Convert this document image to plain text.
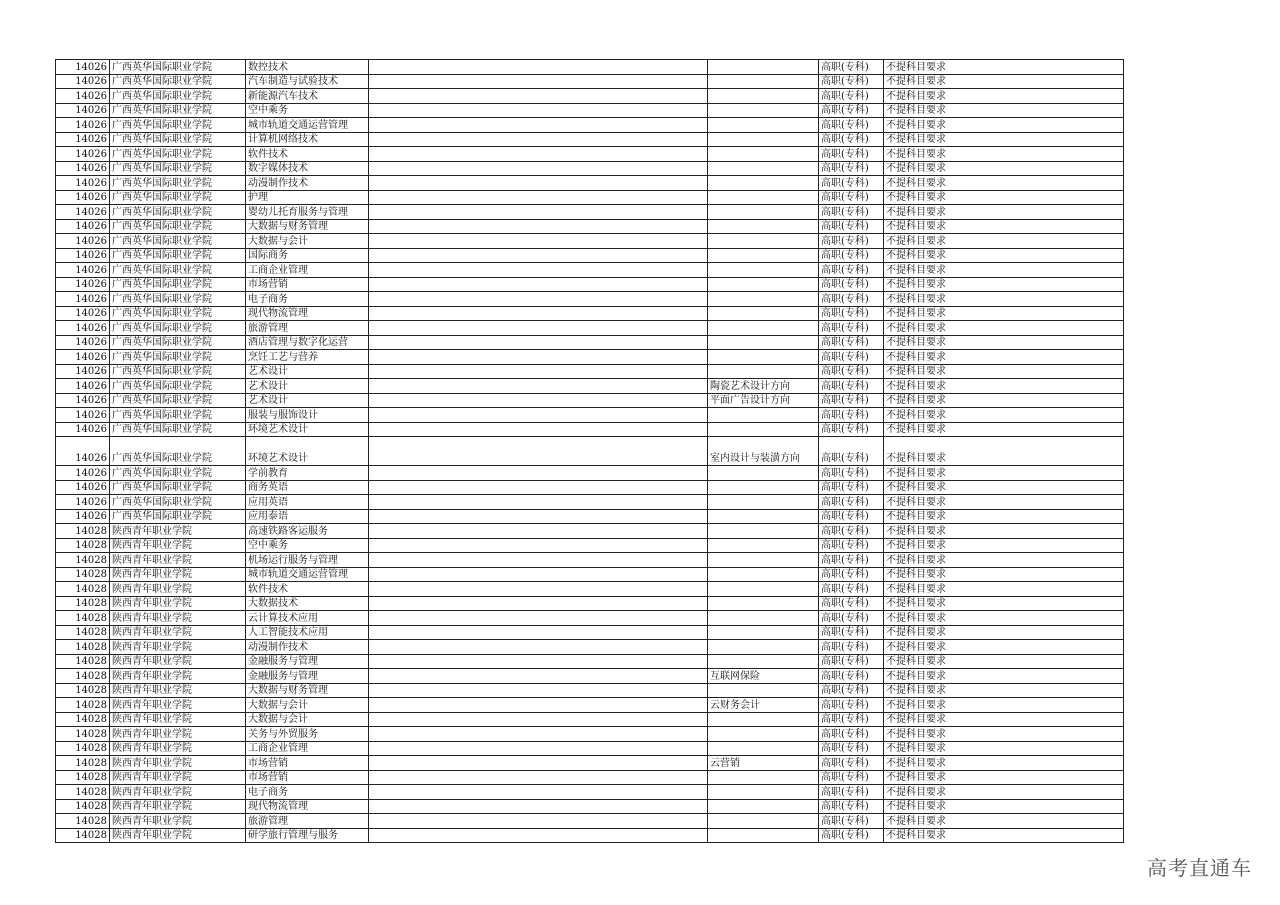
14026	广西英华国际职业学院	数控技术			高职(专科)	不提科目要求
14026	广西英华国际职业学院	汽车制造与试验技术			高职(专科)	不提科目要求
14026	广西英华国际职业学院	新能源汽车技术			高职(专科)	不提科目要求
14026	广西英华国际职业学院	空中乘务			高职(专科)	不提科目要求
14026	广西英华国际职业学院	城市轨道交通运营管理			高职(专科)	不提科目要求
14026	广西英华国际职业学院	计算机网络技术			高职(专科)	不提科目要求
14026	广西英华国际职业学院	软件技术			高职(专科)	不提科目要求
14026	广西英华国际职业学院	数字媒体技术			高职(专科)	不提科目要求
14026	广西英华国际职业学院	动漫制作技术			高职(专科)	不提科目要求
14026	广西英华国际职业学院	护理			高职(专科)	不提科目要求
14026	广西英华国际职业学院	婴幼儿托育服务与管理			高职(专科)	不提科目要求
14026	广西英华国际职业学院	大数据与财务管理			高职(专科)	不提科目要求
14026	广西英华国际职业学院	大数据与会计			高职(专科)	不提科目要求
14026	广西英华国际职业学院	国际商务			高职(专科)	不提科目要求
14026	广西英华国际职业学院	工商企业管理			高职(专科)	不提科目要求
14026	广西英华国际职业学院	市场营销			高职(专科)	不提科目要求
14026	广西英华国际职业学院	电子商务			高职(专科)	不提科目要求
14026	广西英华国际职业学院	现代物流管理			高职(专科)	不提科目要求
14026	广西英华国际职业学院	旅游管理			高职(专科)	不提科目要求
14026	广西英华国际职业学院	酒店管理与数字化运营			高职(专科)	不提科目要求
14026	广西英华国际职业学院	烹饪工艺与营养			高职(专科)	不提科目要求
14026	广西英华国际职业学院	艺术设计			高职(专科)	不提科目要求
14026	广西英华国际职业学院	艺术设计		陶瓷艺术设计方向	高职(专科)	不提科目要求
14026	广西英华国际职业学院	艺术设计		平面广告设计方向	高职(专科)	不提科目要求
14026	广西英华国际职业学院	服装与服饰设计			高职(专科)	不提科目要求
14026	广西英华国际职业学院	环境艺术设计			高职(专科)	不提科目要求
14026	广西英华国际职业学院	环境艺术设计		室内设计与装潢方向	高职(专科)	不提科目要求
14026	广西英华国际职业学院	学前教育			高职(专科)	不提科目要求
14026	广西英华国际职业学院	商务英语			高职(专科)	不提科目要求
14026	广西英华国际职业学院	应用英语			高职(专科)	不提科目要求
14026	广西英华国际职业学院	应用泰语			高职(专科)	不提科目要求
14028	陕西青年职业学院	高速铁路客运服务			高职(专科)	不提科目要求
14028	陕西青年职业学院	空中乘务			高职(专科)	不提科目要求
14028	陕西青年职业学院	机场运行服务与管理			高职(专科)	不提科目要求
14028	陕西青年职业学院	城市轨道交通运营管理			高职(专科)	不提科目要求
14028	陕西青年职业学院	软件技术			高职(专科)	不提科目要求
14028	陕西青年职业学院	大数据技术			高职(专科)	不提科目要求
14028	陕西青年职业学院	云计算技术应用			高职(专科)	不提科目要求
14028	陕西青年职业学院	人工智能技术应用			高职(专科)	不提科目要求
14028	陕西青年职业学院	动漫制作技术			高职(专科)	不提科目要求
14028	陕西青年职业学院	金融服务与管理			高职(专科)	不提科目要求
14028	陕西青年职业学院	金融服务与管理		互联网保险	高职(专科)	不提科目要求
14028	陕西青年职业学院	大数据与财务管理			高职(专科)	不提科目要求
14028	陕西青年职业学院	大数据与会计		云财务会计	高职(专科)	不提科目要求
14028	陕西青年职业学院	大数据与会计			高职(专科)	不提科目要求
14028	陕西青年职业学院	关务与外贸服务			高职(专科)	不提科目要求
14028	陕西青年职业学院	工商企业管理			高职(专科)	不提科目要求
14028	陕西青年职业学院	市场营销		云营销	高职(专科)	不提科目要求
14028	陕西青年职业学院	市场营销			高职(专科)	不提科目要求
14028	陕西青年职业学院	电子商务			高职(专科)	不提科目要求
14028	陕西青年职业学院	现代物流管理			高职(专科)	不提科目要求
14028	陕西青年职业学院	旅游管理			高职(专科)	不提科目要求
14028	陕西青年职业学院	研学旅行管理与服务			高职(专科)	不提科目要求
高考直通车
